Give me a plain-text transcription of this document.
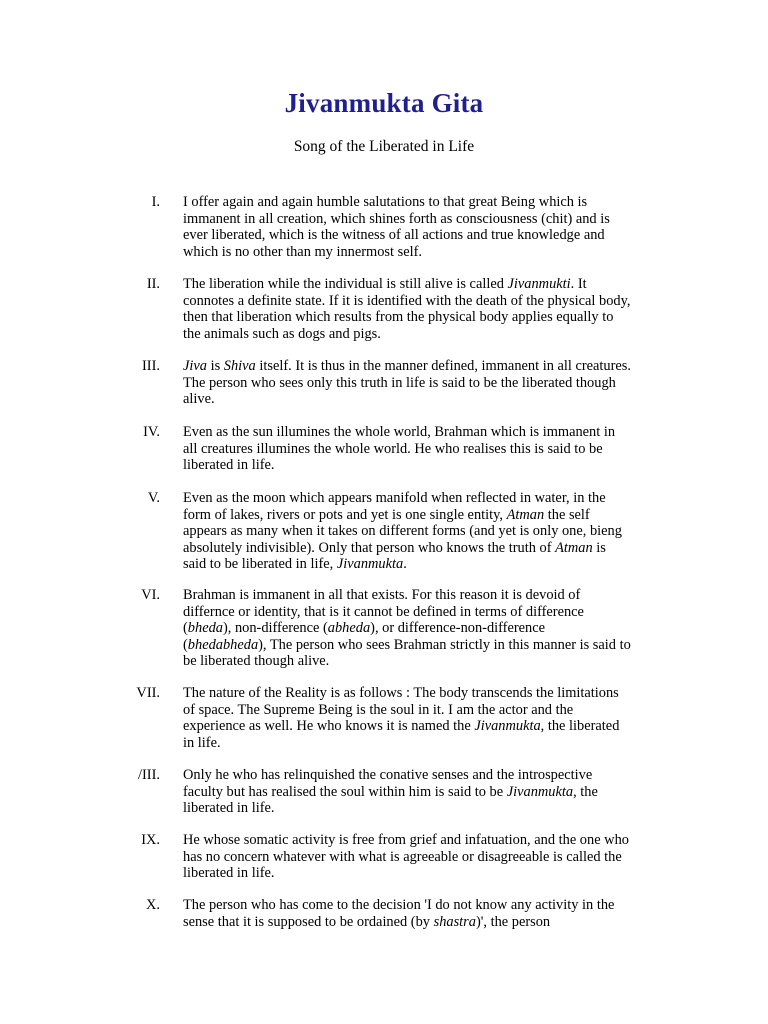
Jivanmukta Gita
Song of the Liberated in Life
I. I offer again and again humble salutations to that great Being which is immanent in all creation, which shines forth as consciousness (chit) and is ever liberated, which is the witness of all actions and true knowledge and which is no other than my innermost self.
II. The liberation while the individual is still alive is called Jivanmukti. It connotes a definite state. If it is identified with the death of the physical body, then that liberation which results from the physical body applies equally to the animals such as dogs and pigs.
III. Jiva is Shiva itself. It is thus in the manner defined, immanent in all creatures. The person who sees only this truth in life is said to be the liberated though alive.
IV. Even as the sun illumines the whole world, Brahman which is immanent in all creatures illumines the whole world. He who realises this is said to be liberated in life.
V. Even as the moon which appears manifold when reflected in water, in the form of lakes, rivers or pots and yet is one single entity, Atman the self appears as many when it takes on different forms (and yet is only one, bieng absolutely indivisible). Only that person who knows the truth of Atman is said to be liberated in life, Jivanmukta.
VI. Brahman is immanent in all that exists. For this reason it is devoid of differnce or identity, that is it cannot be defined in terms of difference (bheda), non-difference (abheda), or difference-non-difference (bhedabheda), The person who sees Brahman strictly in this manner is said to be liberated though alive.
VII. The nature of the Reality is as follows : The body transcends the limitations of space. The Supreme Being is the soul in it. I am the actor and the experience as well. He who knows it is named the Jivanmukta, the liberated in life.
/III. Only he who has relinquished the conative senses and the introspective faculty but has realised the soul within him is said to be Jivanmukta, the liberated in life.
IX. He whose somatic activity is free from grief and infatuation, and the one who has no concern whatever with what is agreeable or disagreeable is called the liberated in life.
X. The person who has come to the decision 'I do not know any activity in the sense that it is supposed to be ordained (by shastra)', the person
